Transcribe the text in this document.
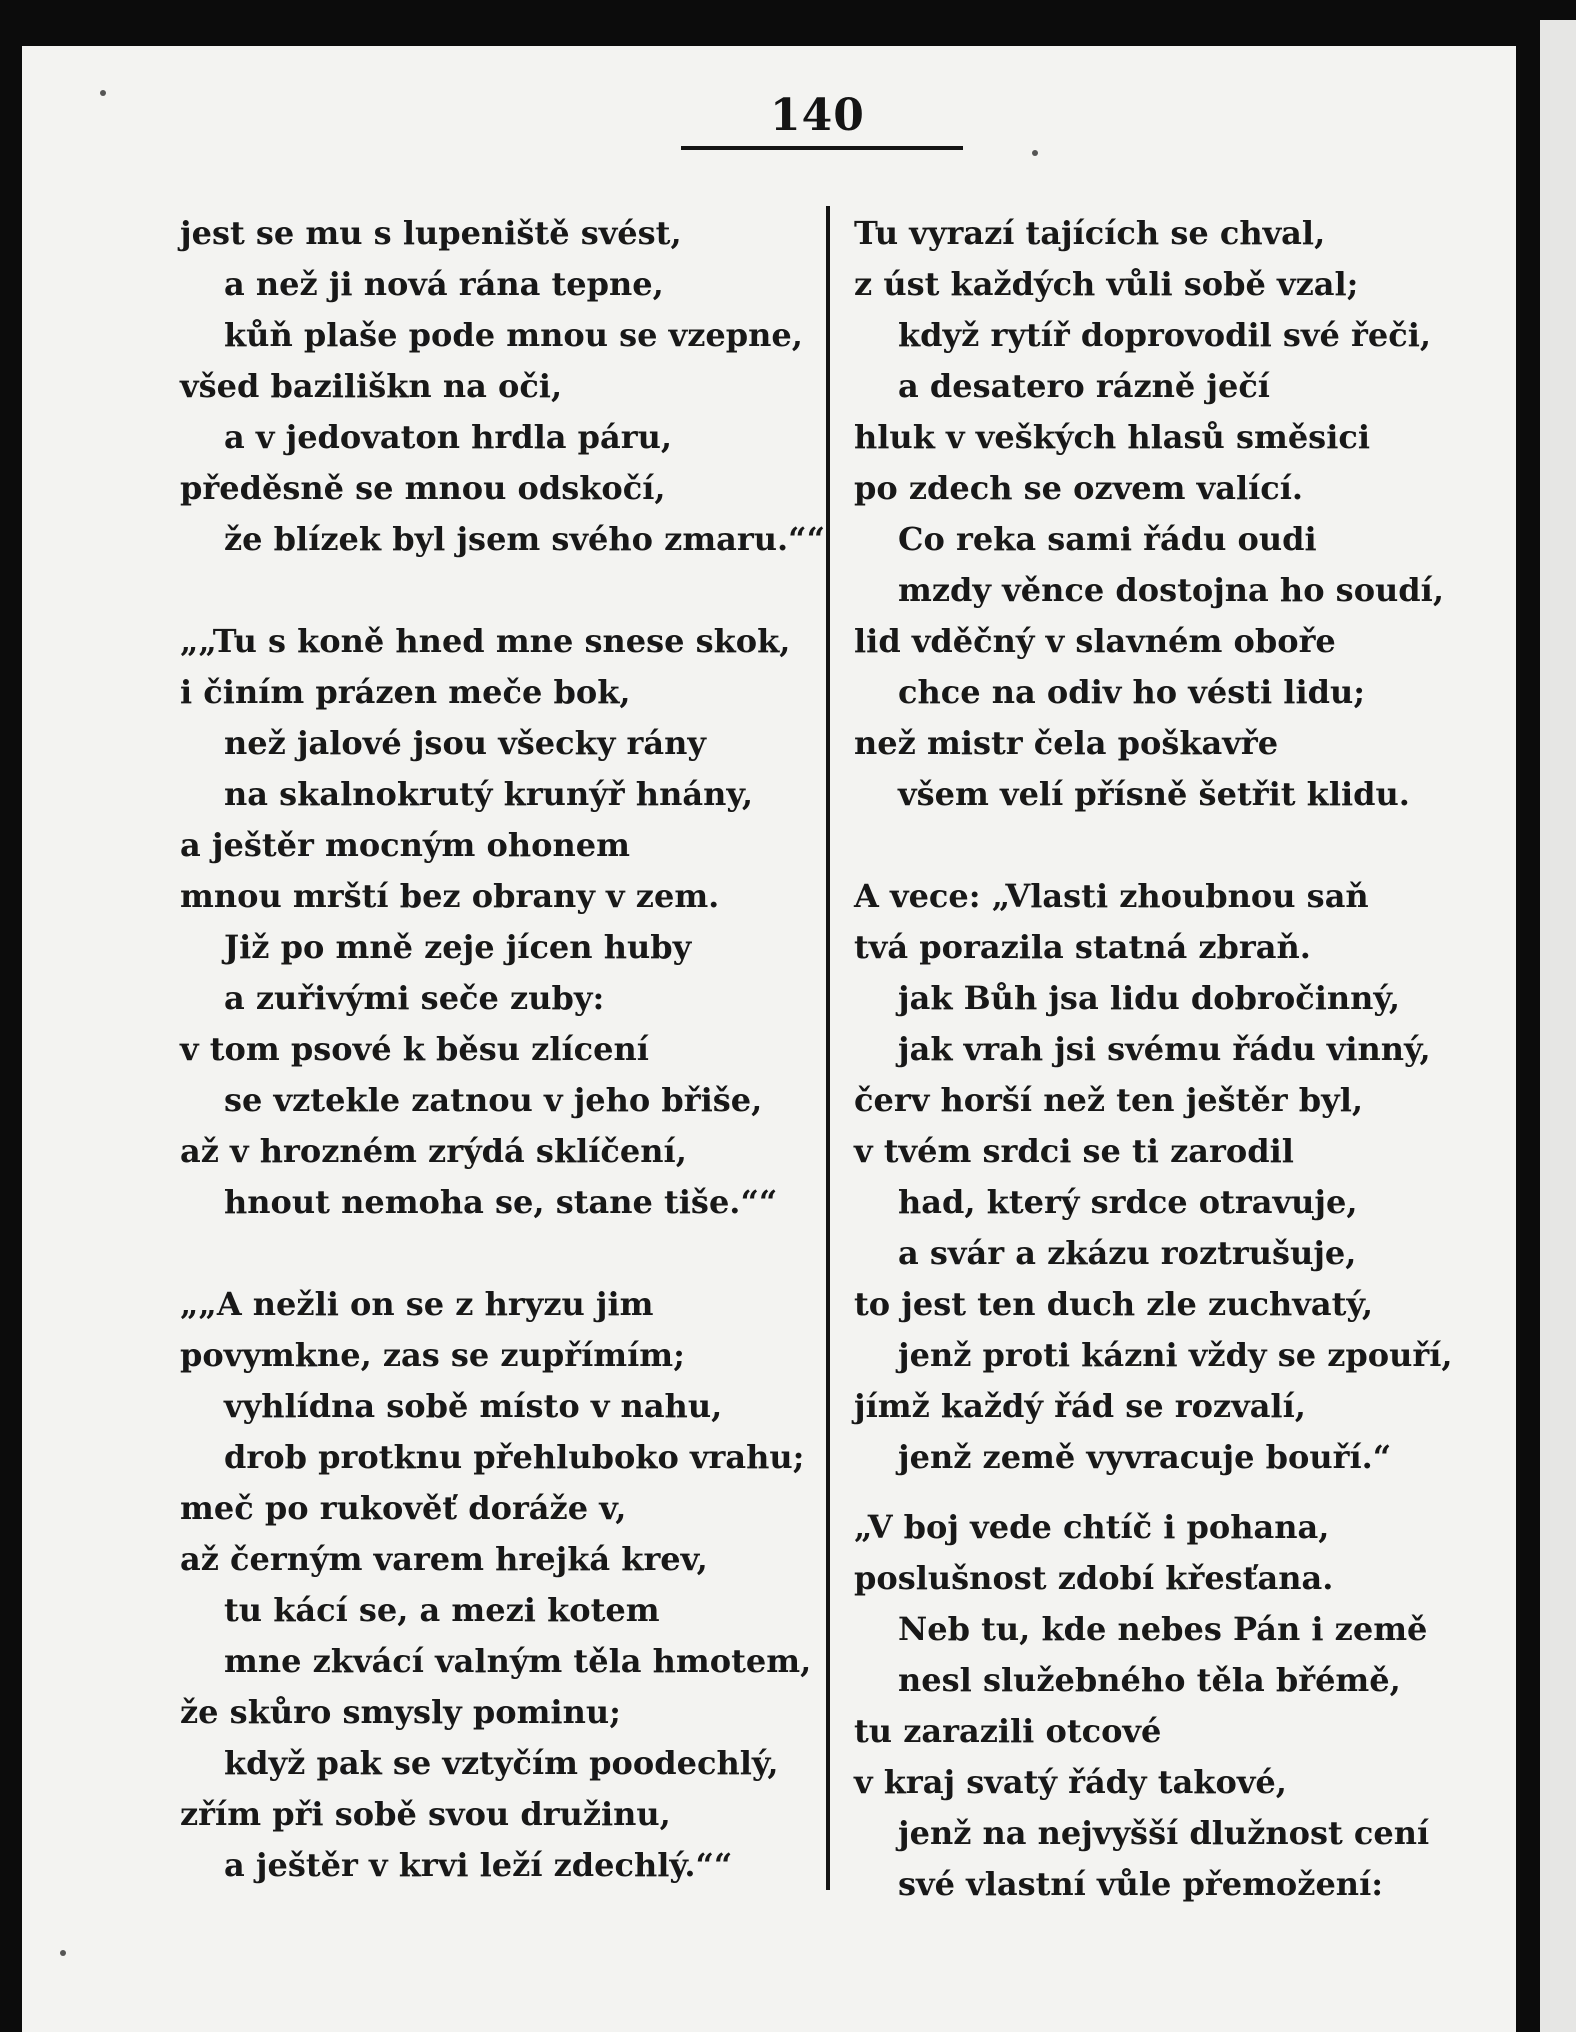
140
jest se mu s lupeniště svést,
a než ji nová rána tepne,
kůň plaše pode mnou se vzepne,
všed baziliškn na oči,
a v jedovaton hrdla páru,
předěsně se mnou odskočí,
že blízek byl jsem svého zmaru.““
„„Tu s koně hned mne snese skok,
i činím prázen meče bok,
než jalové jsou všecky rány
na skalnokrutý krunýř hnány,
a ještěr mocným ohonem
mnou mrští bez obrany v zem.
Již po mně zeje jícen huby
a zuřivými seče zuby:
v tom psové k běsu zlícení
se vztekle zatnou v jeho břiše,
až v hrozném zrýdá sklíčení,
hnout nemoha se, stane tiše.““
„„A nežli on se z hryzu jim
povymkne, zas se zupřímím;
vyhlídna sobě místo v nahu,
drob protknu přehluboko vrahu;
meč po rukověť doráže v,
až černým varem hrejká krev,
tu kácí se, a mezi kotem
mne zkvácí valným těla hmotem,
že skůro smysly pominu;
když pak se vztyčím poodechlý,
zřím při sobě svou družinu,
a ještěr v krvi leží zdechlý.““
Tu vyrazí tajících se chval,
z úst každých vůli sobě vzal;
když rytíř doprovodil své řeči,
a desatero rázně ječí
hluk v veškých hlasů směsici
po zdech se ozvem valící.
Co reka sami řádu oudi
mzdy věnce dostojna ho soudí,
lid vděčný v slavném oboře
chce na odiv ho vésti lidu;
než mistr čela poškavře
všem velí přísně šetřit klidu.
A vece: „Vlasti zhoubnou saň
tvá porazila statná zbraň.
jak Bůh jsa lidu dobročinný,
jak vrah jsi svému řádu vinný,
červ horší než ten ještěr byl,
v tvém srdci se ti zarodil
had, který srdce otravuje,
a svár a zkázu roztrušuje,
to jest ten duch zle zuchvatý,
jenž proti kázni vždy se zpouří,
jímž každý řád se rozvalí,
jenž země vyvracuje bouří.“
„V boj vede chtíč i pohana,
poslušnost zdobí křesťana.
Neb tu, kde nebes Pán i země
nesl služebného těla břémě,
tu zarazili otcové
v kraj svatý řády takové,
jenž na nejvyšší dlužnost cení
své vlastní vůle přemožení:
